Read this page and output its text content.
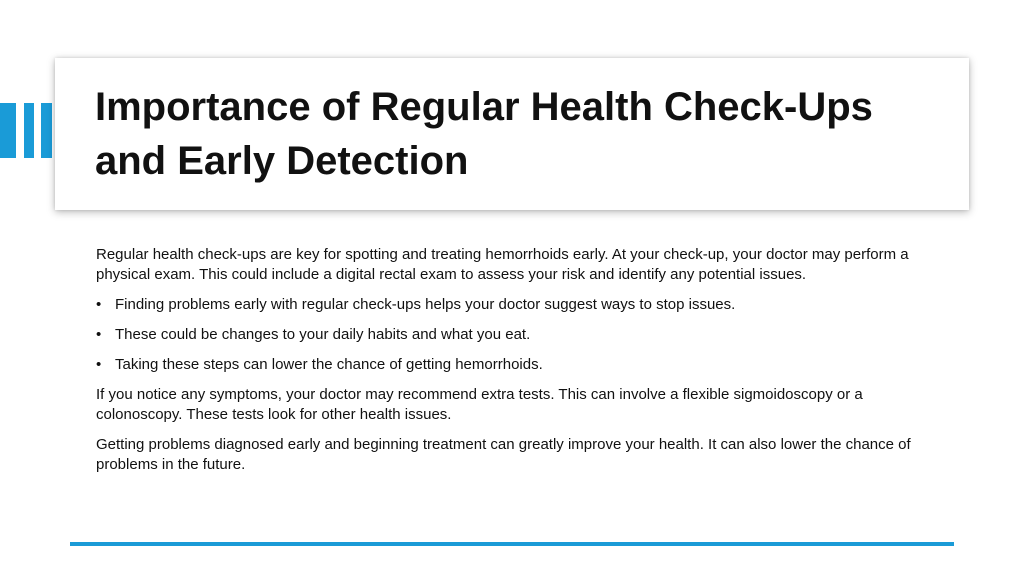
Importance of Regular Health Check-Ups and Early Detection

Regular health check-ups are key for spotting and treating hemorrhoids early. At your check-up, your doctor may perform a physical exam. This could include a digital rectal exam to assess your risk and identify any potential issues.

• Finding problems early with regular check-ups helps your doctor suggest ways to stop issues.
• These could be changes to your daily habits and what you eat.
• Taking these steps can lower the chance of getting hemorrhoids.

If you notice any symptoms, your doctor may recommend extra tests. This can involve a flexible sigmoidoscopy or a colonoscopy. These tests look for other health issues.

Getting problems diagnosed early and beginning treatment can greatly improve your health. It can also lower the chance of problems in the future.
